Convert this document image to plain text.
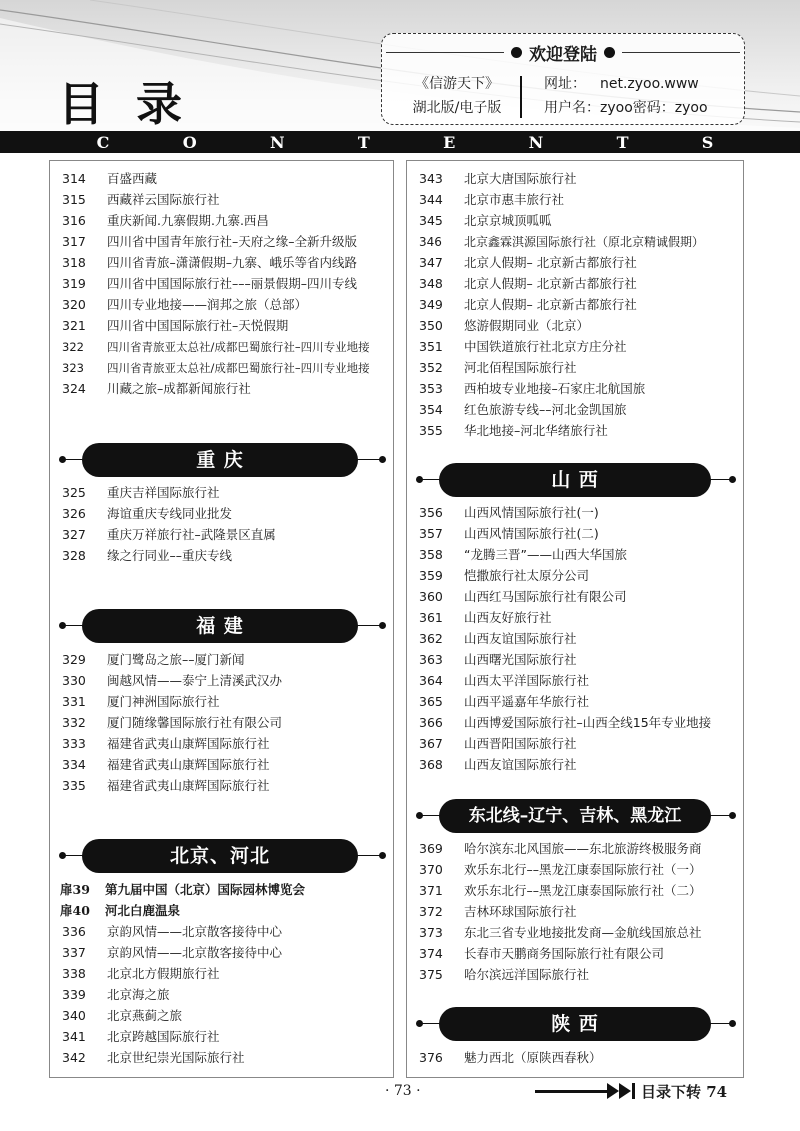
目 录
欢迎登陆
《信游天下》
湖北版/电子版
网址： net.zyoo.www
用户名：zyoo密码：zyoo
C	O	N	T	E	N	T	S
314 百盛西藏
315 西藏祥云国际旅行社
316 重庆新闻.九寨假期.九寨.西昌
317 四川省中国青年旅行社–天府之缘–全新升级版
318 四川省青旅–潇潇假期–九寨、峨乐等省内线路
319 四川省中国国际旅行社–––丽景假期–四川专线
320 四川专业地接——润邦之旅（总部）
321 四川省中国国际旅行社–天悦假期
322 四川省青旅亚太总社/成都巴蜀旅行社–四川专业地接
323 四川省青旅亚太总社/成都巴蜀旅行社–四川专业地接
324 川藏之旅–成都新闻旅行社
重 庆
325 重庆吉祥国际旅行社
326 海谊重庆专线同业批发
327 重庆万祥旅行社–武隆景区直属
328 缘之行同业––重庆专线
福 建
329 厦门鹭岛之旅––厦门新闻
330 闽越风情——泰宁上清溪武汉办
331 厦门神洲国际旅行社
332 厦门随缘馨国际旅行社有限公司
333 福建省武夷山康辉国际旅行社
334 福建省武夷山康辉国际旅行社
335 福建省武夷山康辉国际旅行社
北京、河北
扉39 第九届中国（北京）国际园林博览会
扉40 河北白鹿温泉
336 京韵风情——北京散客接待中心
337 京韵风情——北京散客接待中心
338 北京北方假期旅行社
339 北京海之旅
340 北京燕蓟之旅
341 北京跨越国际旅行社
342 北京世纪崇光国际旅行社
343 北京大唐国际旅行社
344 北京市惠丰旅行社
345 北京京城顶呱呱
346 北京鑫霖淇源国际旅行社（原北京精诚假期）
347 北京人假期– 北京新古都旅行社
348 北京人假期– 北京新古都旅行社
349 北京人假期– 北京新古都旅行社
350 悠游假期同业（北京）
351 中国铁道旅行社北京方庄分社
352 河北佰程国际旅行社
353 西柏坡专业地接–石家庄北航国旅
354 红色旅游专线––河北金凯国旅
355 华北地接–河北华绪旅行社
山 西
356 山西风情国际旅行社(一)
357 山西风情国际旅行社(二)
358 “龙腾三晋”——山西大华国旅
359 恺撒旅行社太原分公司
360 山西红马国际旅行社有限公司
361 山西友好旅行社
362 山西友谊国际旅行社
363 山西曙光国际旅行社
364 山西太平洋国际旅行社
365 山西平遥嘉年华旅行社
366 山西博爱国际旅行社–山西全线15年专业地接
367 山西晋阳国际旅行社
368 山西友谊国际旅行社
东北线–辽宁、吉林、黑龙江
369 哈尔滨东北风国旅——东北旅游终极服务商
370 欢乐东北行––黑龙江康泰国际旅行社（一）
371 欢乐东北行––黑龙江康泰国际旅行社（二）
372 吉林环球国际旅行社
373 东北三省专业地接批发商—金航线国旅总社
374 长春市天鹏商务国际旅行社有限公司
375 哈尔滨远洋国际旅行社
陕 西
376 魅力西北（原陕西春秋）
· 73 ·	目录下转 74
